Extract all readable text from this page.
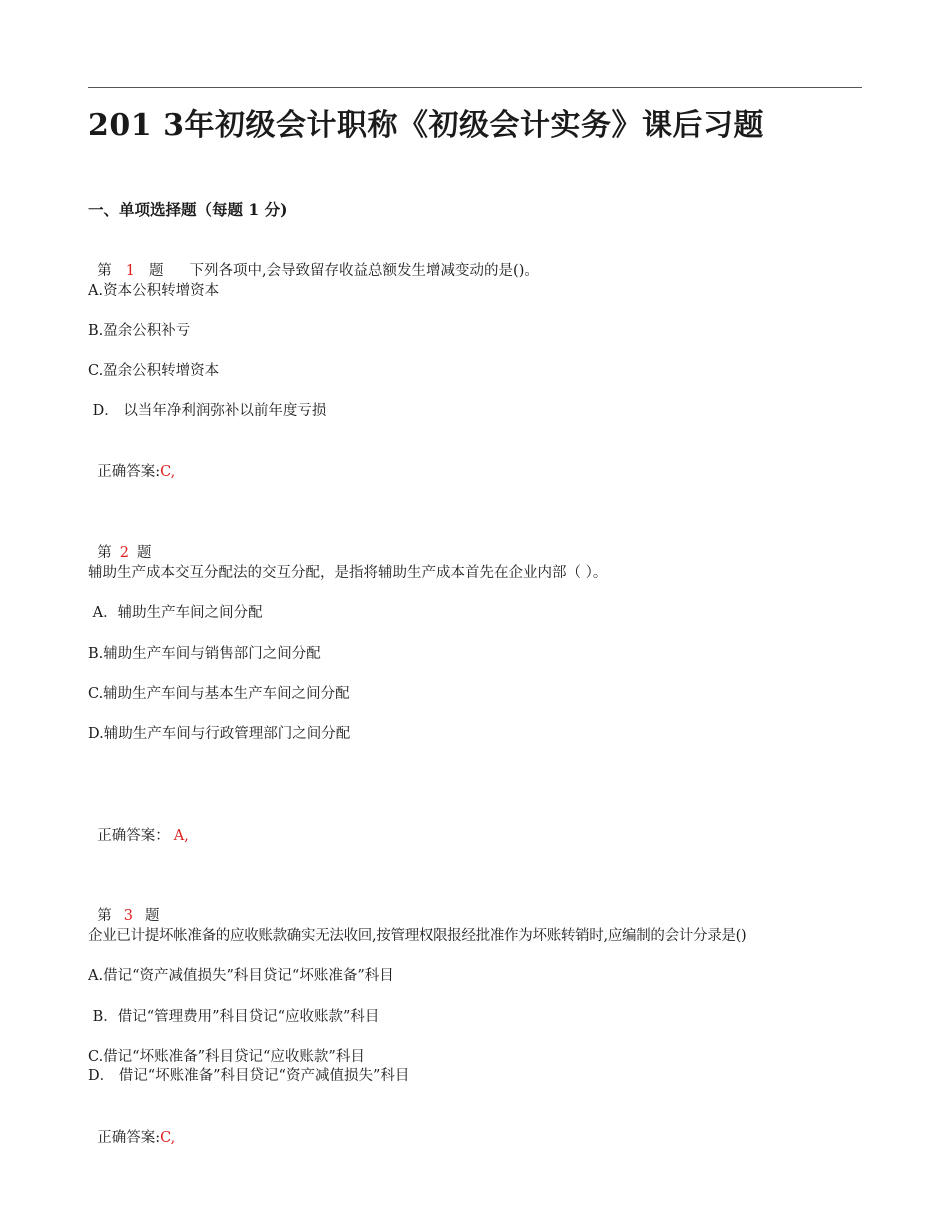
201 3年初级会计职称《初级会计实务》课后习题
一、单项选择题（每题 1 分)

第 1 题 下列各项中,会导致留存收益总额发生增减变动的是()。

A.资本公积转增资本
B.盈余公积补亏
C.盈余公积转增资本
D． 以当年净利润弥补以前年度亏损

正确答案:C,

第 2 题

辅助生产成本交互分配法的交互分配，是指将辅助生产成本首先在企业内部（ ）。
A．辅助生产车间之间分配
B.辅助生产车间与销售部门之间分配
C.辅助生产车间与基本生产车间之间分配
D.辅助生产车间与行政管理部门之间分配

正确答案： A,

第 3 题

企业已计提坏帐准备的应收账款确实无法收回,按管理权限报经批准作为坏账转销时,应编制的会计分录是()
A.借记“资产减值损失”科目贷记“坏账准备”科目
B．借记“管理费用”科目贷记“应收账款”科目
C.借记“坏账准备”科目贷记“应收账款”科目
D． 借记“坏账准备”科目贷记“资产减值损失”科目

正确答案:C,
